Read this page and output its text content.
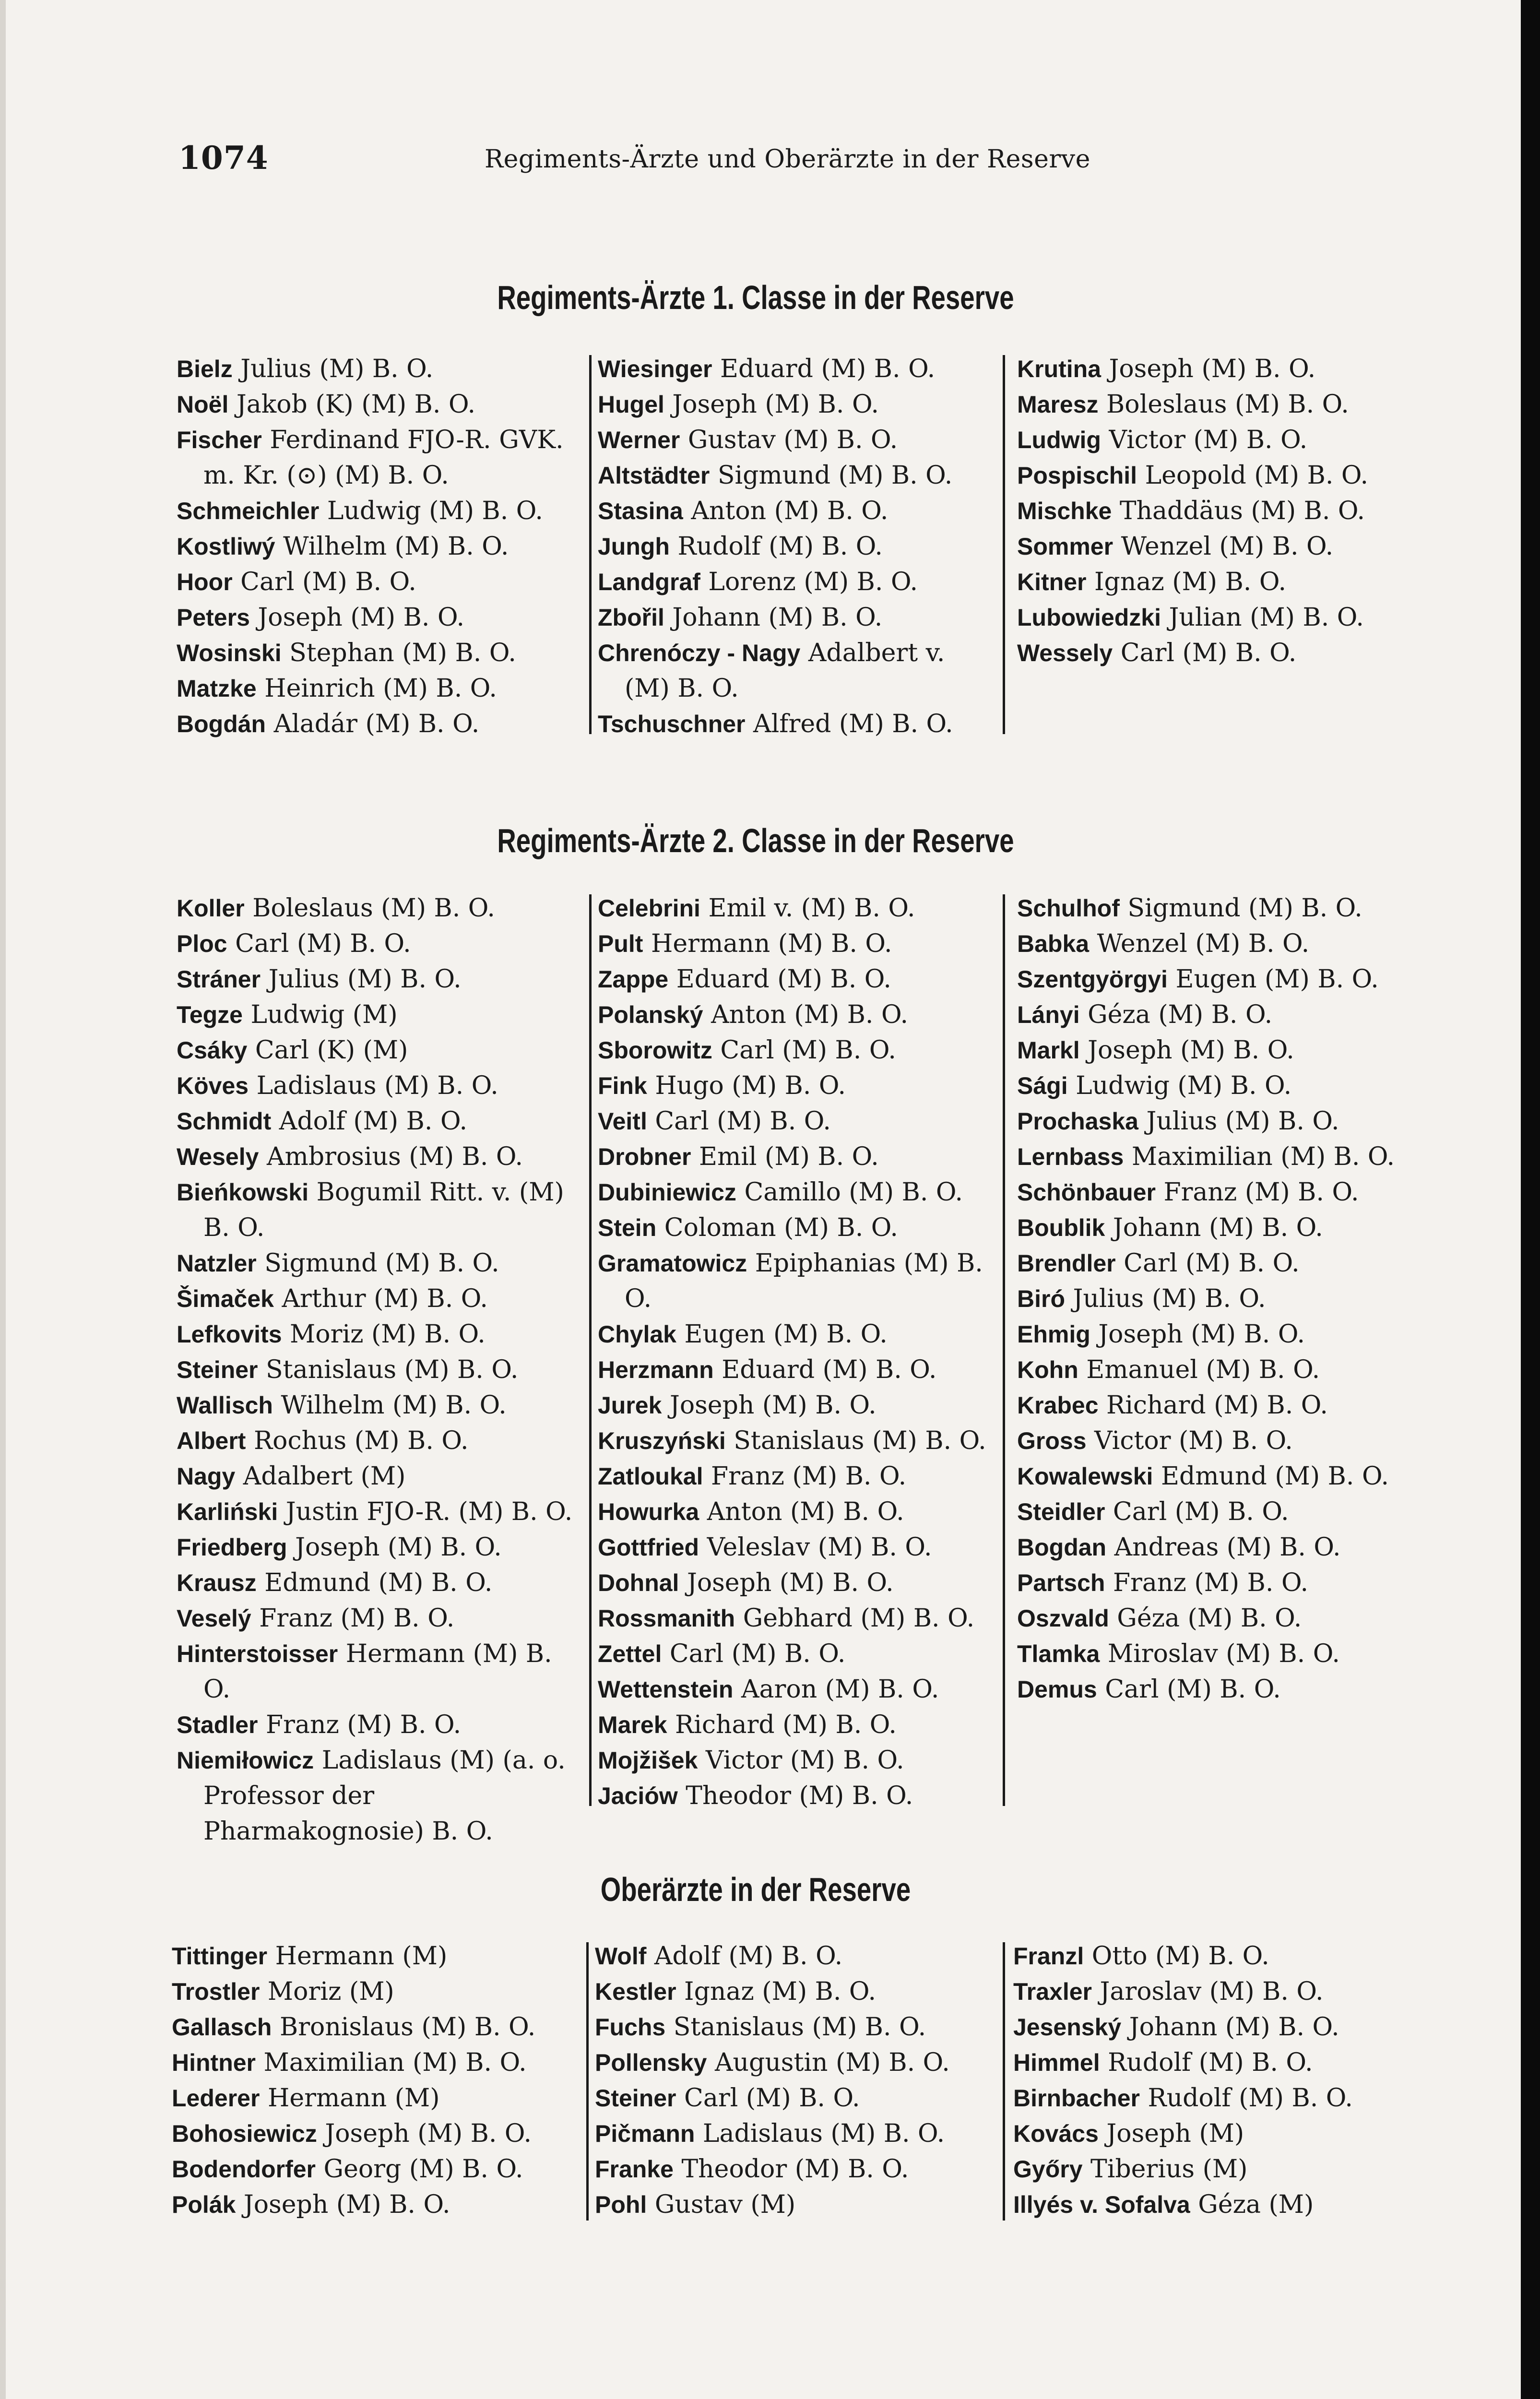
1074	Regiments-Ärzte und Oberärzte in der Reserve
Regiments-Ärzte 1. Classe in der Reserve
Bielz Julius (M) B. O.
Noël Jakob (K) (M) B. O.
Fischer Ferdinand FJO-R. GVK. m. Kr. (⊙) (M) B. O.
Schmeichler Ludwig (M) B. O.
Kostliwý Wilhelm (M) B. O.
Hoor Carl (M) B. O.
Peters Joseph (M) B. O.
Wosinski Stephan (M) B. O.
Matzke Heinrich (M) B. O.
Bogdán Aladár (M) B. O.
Wiesinger Eduard (M) B. O.
Hugel Joseph (M) B. O.
Werner Gustav (M) B. O.
Altstädter Sigmund (M) B. O.
Stasina Anton (M) B. O.
Jungh Rudolf (M) B. O.
Landgraf Lorenz (M) B. O.
Zbořil Johann (M) B. O.
Chrenóczy - Nagy Adalbert v. (M) B. O.
Tschuschner Alfred (M) B. O.
Krutina Joseph (M) B. O.
Maresz Boleslaus (M) B. O.
Ludwig Victor (M) B. O.
Pospischil Leopold (M) B. O.
Mischke Thaddäus (M) B. O.
Sommer Wenzel (M) B. O.
Kitner Ignaz (M) B. O.
Lubowiedzki Julian (M) B. O.
Wessely Carl (M) B. O.
Regiments-Ärzte 2. Classe in der Reserve
Koller Boleslaus (M) B. O.
Ploc Carl (M) B. O.
Stráner Julius (M) B. O.
Tegze Ludwig (M)
Csáky Carl (K) (M)
Köves Ladislaus (M) B. O.
Schmidt Adolf (M) B. O.
Wesely Ambrosius (M) B. O.
Bieńkowski Bogumil Ritt. v. (M) B. O.
Natzler Sigmund (M) B. O.
Šimaček Arthur (M) B. O.
Lefkovits Moriz (M) B. O.
Steiner Stanislaus (M) B. O.
Wallisch Wilhelm (M) B. O.
Albert Rochus (M) B. O.
Nagy Adalbert (M)
Karliński Justin FJO-R. (M) B. O.
Friedberg Joseph (M) B. O.
Krausz Edmund (M) B. O.
Veselý Franz (M) B. O.
Hinterstoisser Hermann (M) B. O.
Stadler Franz (M) B. O.
Niemiłowicz Ladislaus (M) (a. o. Professor der Pharmakognosie) B. O.
Celebrini Emil v. (M) B. O.
Pult Hermann (M) B. O.
Zappe Eduard (M) B. O.
Polanský Anton (M) B. O.
Sborowitz Carl (M) B. O.
Fink Hugo (M) B. O.
Veitl Carl (M) B. O.
Drobner Emil (M) B. O.
Dubiniewicz Camillo (M) B. O.
Stein Coloman (M) B. O.
Gramatowicz Epiphanias (M) B. O.
Chylak Eugen (M) B. O.
Herzmann Eduard (M) B. O.
Jurek Joseph (M) B. O.
Kruszyński Stanislaus (M) B. O.
Zatloukal Franz (M) B. O.
Howurka Anton (M) B. O.
Gottfried Veleslav (M) B. O.
Dohnal Joseph (M) B. O.
Rossmanith Gebhard (M) B. O.
Zettel Carl (M) B. O.
Wettenstein Aaron (M) B. O.
Marek Richard (M) B. O.
Mojžišek Victor (M) B. O.
Jaciów Theodor (M) B. O.
Schulhof Sigmund (M) B. O.
Babka Wenzel (M) B. O.
Szentgyörgyi Eugen (M) B. O.
Lányi Géza (M) B. O.
Markl Joseph (M) B. O.
Sági Ludwig (M) B. O.
Prochaska Julius (M) B. O.
Lernbass Maximilian (M) B. O.
Schönbauer Franz (M) B. O.
Boublik Johann (M) B. O.
Brendler Carl (M) B. O.
Biró Julius (M) B. O.
Ehmig Joseph (M) B. O.
Kohn Emanuel (M) B. O.
Krabec Richard (M) B. O.
Gross Victor (M) B. O.
Kowalewski Edmund (M) B. O.
Steidler Carl (M) B. O.
Bogdan Andreas (M) B. O.
Partsch Franz (M) B. O.
Oszvald Géza (M) B. O.
Tlamka Miroslav (M) B. O.
Demus Carl (M) B. O.
Oberärzte in der Reserve
Tittinger Hermann (M)
Trostler Moriz (M)
Gallasch Bronislaus (M) B. O.
Hintner Maximilian (M) B. O.
Lederer Hermann (M)
Bohosiewicz Joseph (M) B. O.
Bodendorfer Georg (M) B. O.
Polák Joseph (M) B. O.
Wolf Adolf (M) B. O.
Kestler Ignaz (M) B. O.
Fuchs Stanislaus (M) B. O.
Pollensky Augustin (M) B. O.
Steiner Carl (M) B. O.
Pičmann Ladislaus (M) B. O.
Franke Theodor (M) B. O.
Pohl Gustav (M)
Franzl Otto (M) B. O.
Traxler Jaroslav (M) B. O.
Jesenský Johann (M) B. O.
Himmel Rudolf (M) B. O.
Birnbacher Rudolf (M) B. O.
Kovács Joseph (M)
Győry Tiberius (M)
Illyés v. Sofalva Géza (M)
